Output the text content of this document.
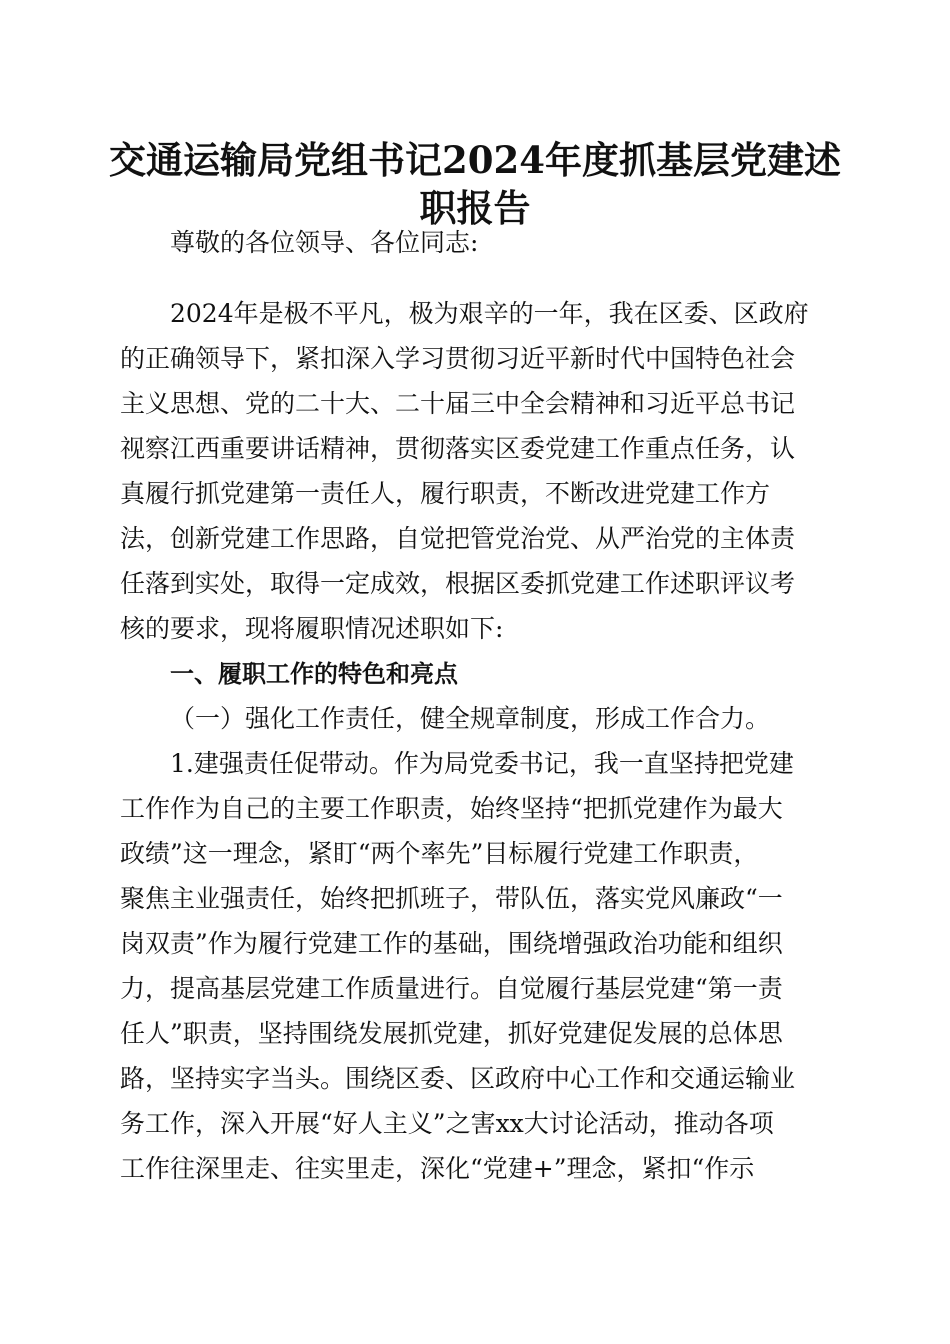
交通运输局党组书记2024年度抓基层党建述
职报告

尊敬的各位领导、各位同志:

2024年是极不平凡，极为艰辛的一年，我在区委、区政府

的正确领导下，紧扣深入学习贯彻习近平新时代中国特色社会

主义思想、党的二十大、二十届三中全会精神和习近平总书记

视察江西重要讲话精神，贯彻落实区委党建工作重点任务，认

真履行抓党建第一责任人，履行职责，不断改进党建工作方

法，创新党建工作思路，自觉把管党治党、从严治党的主体责

任落到实处，取得一定成效，根据区委抓党建工作述职评议考

核的要求，现将履职情况述职如下:

一、履职工作的特色和亮点

（一）强化工作责任，健全规章制度，形成工作合力。

1.建强责任促带动。作为局党委书记，我一直坚持把党建

工作作为自己的主要工作职责，始终坚持“把抓党建作为最大

政绩”这一理念，紧盯“两个率先”目标履行党建工作职责，

聚焦主业强责任，始终把抓班子，带队伍，落实党风廉政“一

岗双责”作为履行党建工作的基础，围绕增强政治功能和组织

力，提高基层党建工作质量进行。自觉履行基层党建“第一责

任人”职责，坚持围绕发展抓党建，抓好党建促发展的总体思

路，坚持实字当头。围绕区委、区政府中心工作和交通运输业

务工作，深入开展“好人主义”之害xx大讨论活动，推动各项

工作往深里走、往实里走，深化“党建+”理念，紧扣“作示
